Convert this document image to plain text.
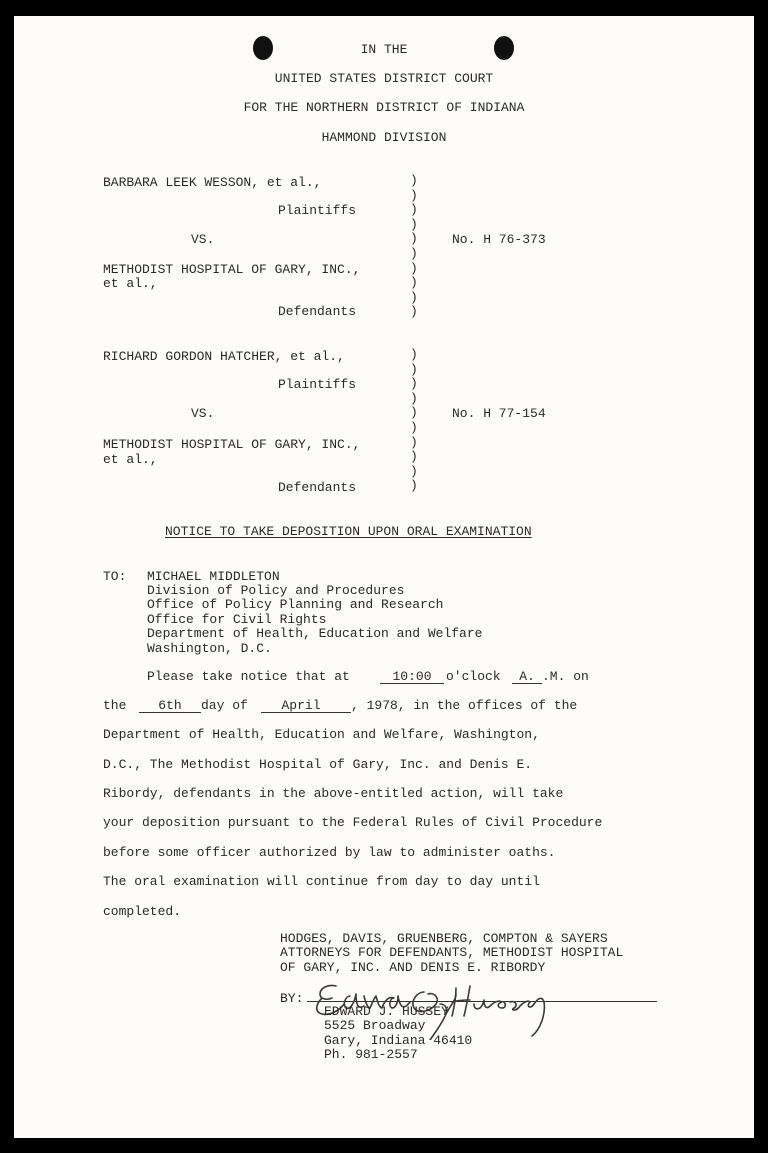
IN THE
UNITED STATES DISTRICT COURT
FOR THE NORTHERN DISTRICT OF INDIANA
HAMMOND DIVISION
BARBARA LEEK WESSON, et al.,
Plaintiffs
VS.
METHODIST HOSPITAL OF GARY, INC.,
et al.,
Defendants
)
)
)
)
)
)
)
)
)
)
No. H 76-373
RICHARD GORDON HATCHER, et al.,
Plaintiffs
VS.
METHODIST HOSPITAL OF GARY, INC.,
et al.,
Defendants
)
)
)
)
)
)
)
)
)
)
No. H 77-154
NOTICE TO TAKE DEPOSITION UPON ORAL EXAMINATION
TO: MICHAEL MIDDLETON
Division of Policy and Procedures
Office of Policy Planning and Research
Office for Civil Rights
Department of Health, Education and Welfare
Washington, D.C.
Please take notice that at	10:00	o'clock	A. .M. on
the	6th	day of	April	, 1978, in the offices of the
Department of Health, Education and Welfare, Washington,
D.C., The Methodist Hospital of Gary, Inc. and Denis E.
Ribordy, defendants in the above-entitled action, will take
your deposition pursuant to the Federal Rules of Civil Procedure
before some officer authorized by law to administer oaths.
The oral examination will continue from day to day until
completed.
HODGES, DAVIS, GRUENBERG, COMPTON & SAYERS
ATTORNEYS FOR DEFENDANTS, METHODIST HOSPITAL
OF GARY, INC. AND DENIS E. RIBORDY
BY:
EDWARD J. HUSSEY
5525 Broadway
Gary, Indiana 46410
Ph. 981-2557
